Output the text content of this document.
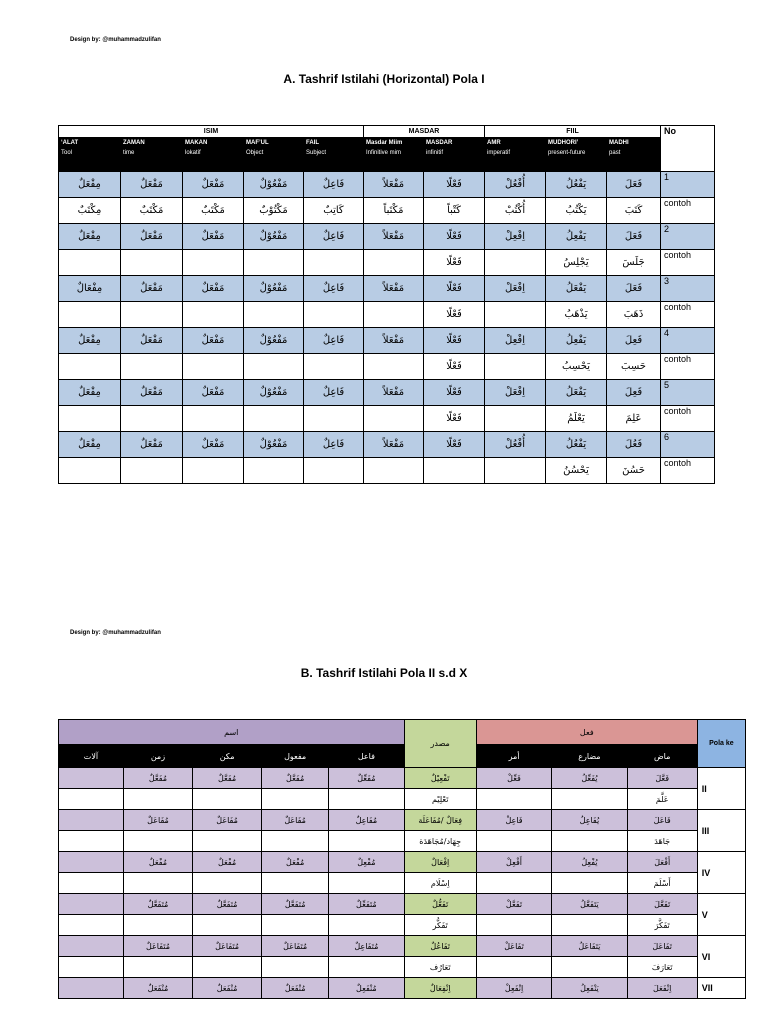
Design by: @muhammadzulifan
A. Tashrif Istilahi (Horizontal) Pola I
ISIM					MASDAR		FIIL			No
‘ALAT	ZAMAN	MAKAN	MAF’UL	FAIL	Masdar Miim	MASDAR	AMR	MUDHORI’	MADHI	
Tool	time	lokatif	Object	Subject	Infinitive mim	infinitif	imperatif	present-future	past	
مِفْعَلٌ	مَفْعَلٌ	مَفْعَلٌ	مَفْعُوْلٌ	فَاعِلٌ	مَفْعَلاً	فَعْلًا	أُفْعُلْ	يَفْعُلُ	فَعَلَ	1
مِكْتَبٌ	مَكْتَبٌ	مَكْتَبٌ	مَكْتُوْبٌ	كَاتِبٌ	مَكْتَباً	كَتْباً	أُكْتُبْ	يَكْتُبُ	كَتَبَ	contoh
مِفْعَلٌ	مَفْعَلٌ	مَفْعَلٌ	مَفْعُوْلٌ	فَاعِلٌ	مَفْعَلاً	فَعْلًا	اِفْعِلْ	يَفْعِلُ	فَعَلَ	2
						فَعْلًا		يَجْلِسُ	جَلَسَ	contoh
مِفْعَالٌ	مَفْعَلٌ	مَفْعَلٌ	مَفْعُوْلٌ	فَاعِلٌ	مَفْعَلاً	فَعْلًا	اِفْعَلْ	يَفْعَلُ	فَعَلَ	3
						فَعْلًا		يَذْهَبُ	ذَهَبَ	contoh
مِفْعَلٌ	مَفْعَلٌ	مَفْعَلٌ	مَفْعُوْلٌ	فَاعِلٌ	مَفْعَلاً	فَعْلًا	اِفْعِلْ	يَفْعِلُ	فَعِلَ	4
						فَعْلًا		يَحْسِبُ	حَسِبَ	contoh
مِفْعَلٌ	مَفْعَلٌ	مَفْعَلٌ	مَفْعُوْلٌ	فَاعِلٌ	مَفْعَلاً	فَعْلًا	اِفْعَلْ	يَفْعَلُ	فَعِلَ	5
						فَعْلًا		يَعْلَمُ	عَلِمَ	contoh
مِفْعَلٌ	مَفْعَلٌ	مَفْعَلٌ	مَفْعُوْلٌ	فَاعِلٌ	مَفْعَلاً	فَعْلًا	أُفْعُلْ	يَفْعُلُ	فَعُلَ	6
								يَحْسُنُ	حَسُنَ	contoh
Design by: @muhammadzulifan
B. Tashrif Istilahi Pola II s.d X
اسم					مصدر	فعل			Pola ke
آلات	زمن	مكن	مفعول	فاعل		أمر	مضارع	ماض	
	مُفَعَّلٌ	مُفَعَّلٌ	مُفَعَّلٌ	مُفَعِّلٌ	تَفْعِيْلٌ	فَعِّلْ	يُفَعِّلُ	فَعَّلَ	II
					تَعْلِيْم			عَلَّمَ	
	مُفَاعَلٌ	مُفَاعَلٌ	مُفَاعَلٌ	مُفَاعِلٌ	فِعَالٌ /مُفَاعَلَة	فَاعِلْ	يُفَاعِلُ	فَاعَلَ	III
					جِهَاد/مُجَاهَدَة			جَاهَدَ	
	مُفْعَلٌ	مُفْعَلٌ	مُفْعَلٌ	مُفْعِلٌ	اِفْعَالٌ	أَفْعِلْ	يُفْعِلُ	أَفْعَلَ	IV
					اِسْلَام			أَسْلَمَ	
	مُتَفَعَّلٌ	مُتَفَعَّلٌ	مُتَفَعَّلٌ	مُتَفَعِّلٌ	تَفَعُّلٌ	تَفَعَّلْ	يَتَفَعَّلُ	تَفَعَّلَ	V
					تَفَكُّر			تَفَكَّرَ	
	مُتَفَاعَلٌ	مُتَفَاعَلٌ	مُتَفَاعَلٌ	مُتَفَاعِلٌ	تَفَاعُلٌ	تَفَاعَلْ	يَتَفَاعَلُ	تَفَاعَلَ	VI
					تَعَارُف			تَعَارَفَ	
	مُنْفَعَلٌ	مُنْفَعَلٌ	مُنْفَعَلٌ	مُنْفَعِلٌ	اِنْفِعَالٌ	اِنْفَعِلْ	يَنْفَعِلُ	اِنْفَعَلَ	VII
